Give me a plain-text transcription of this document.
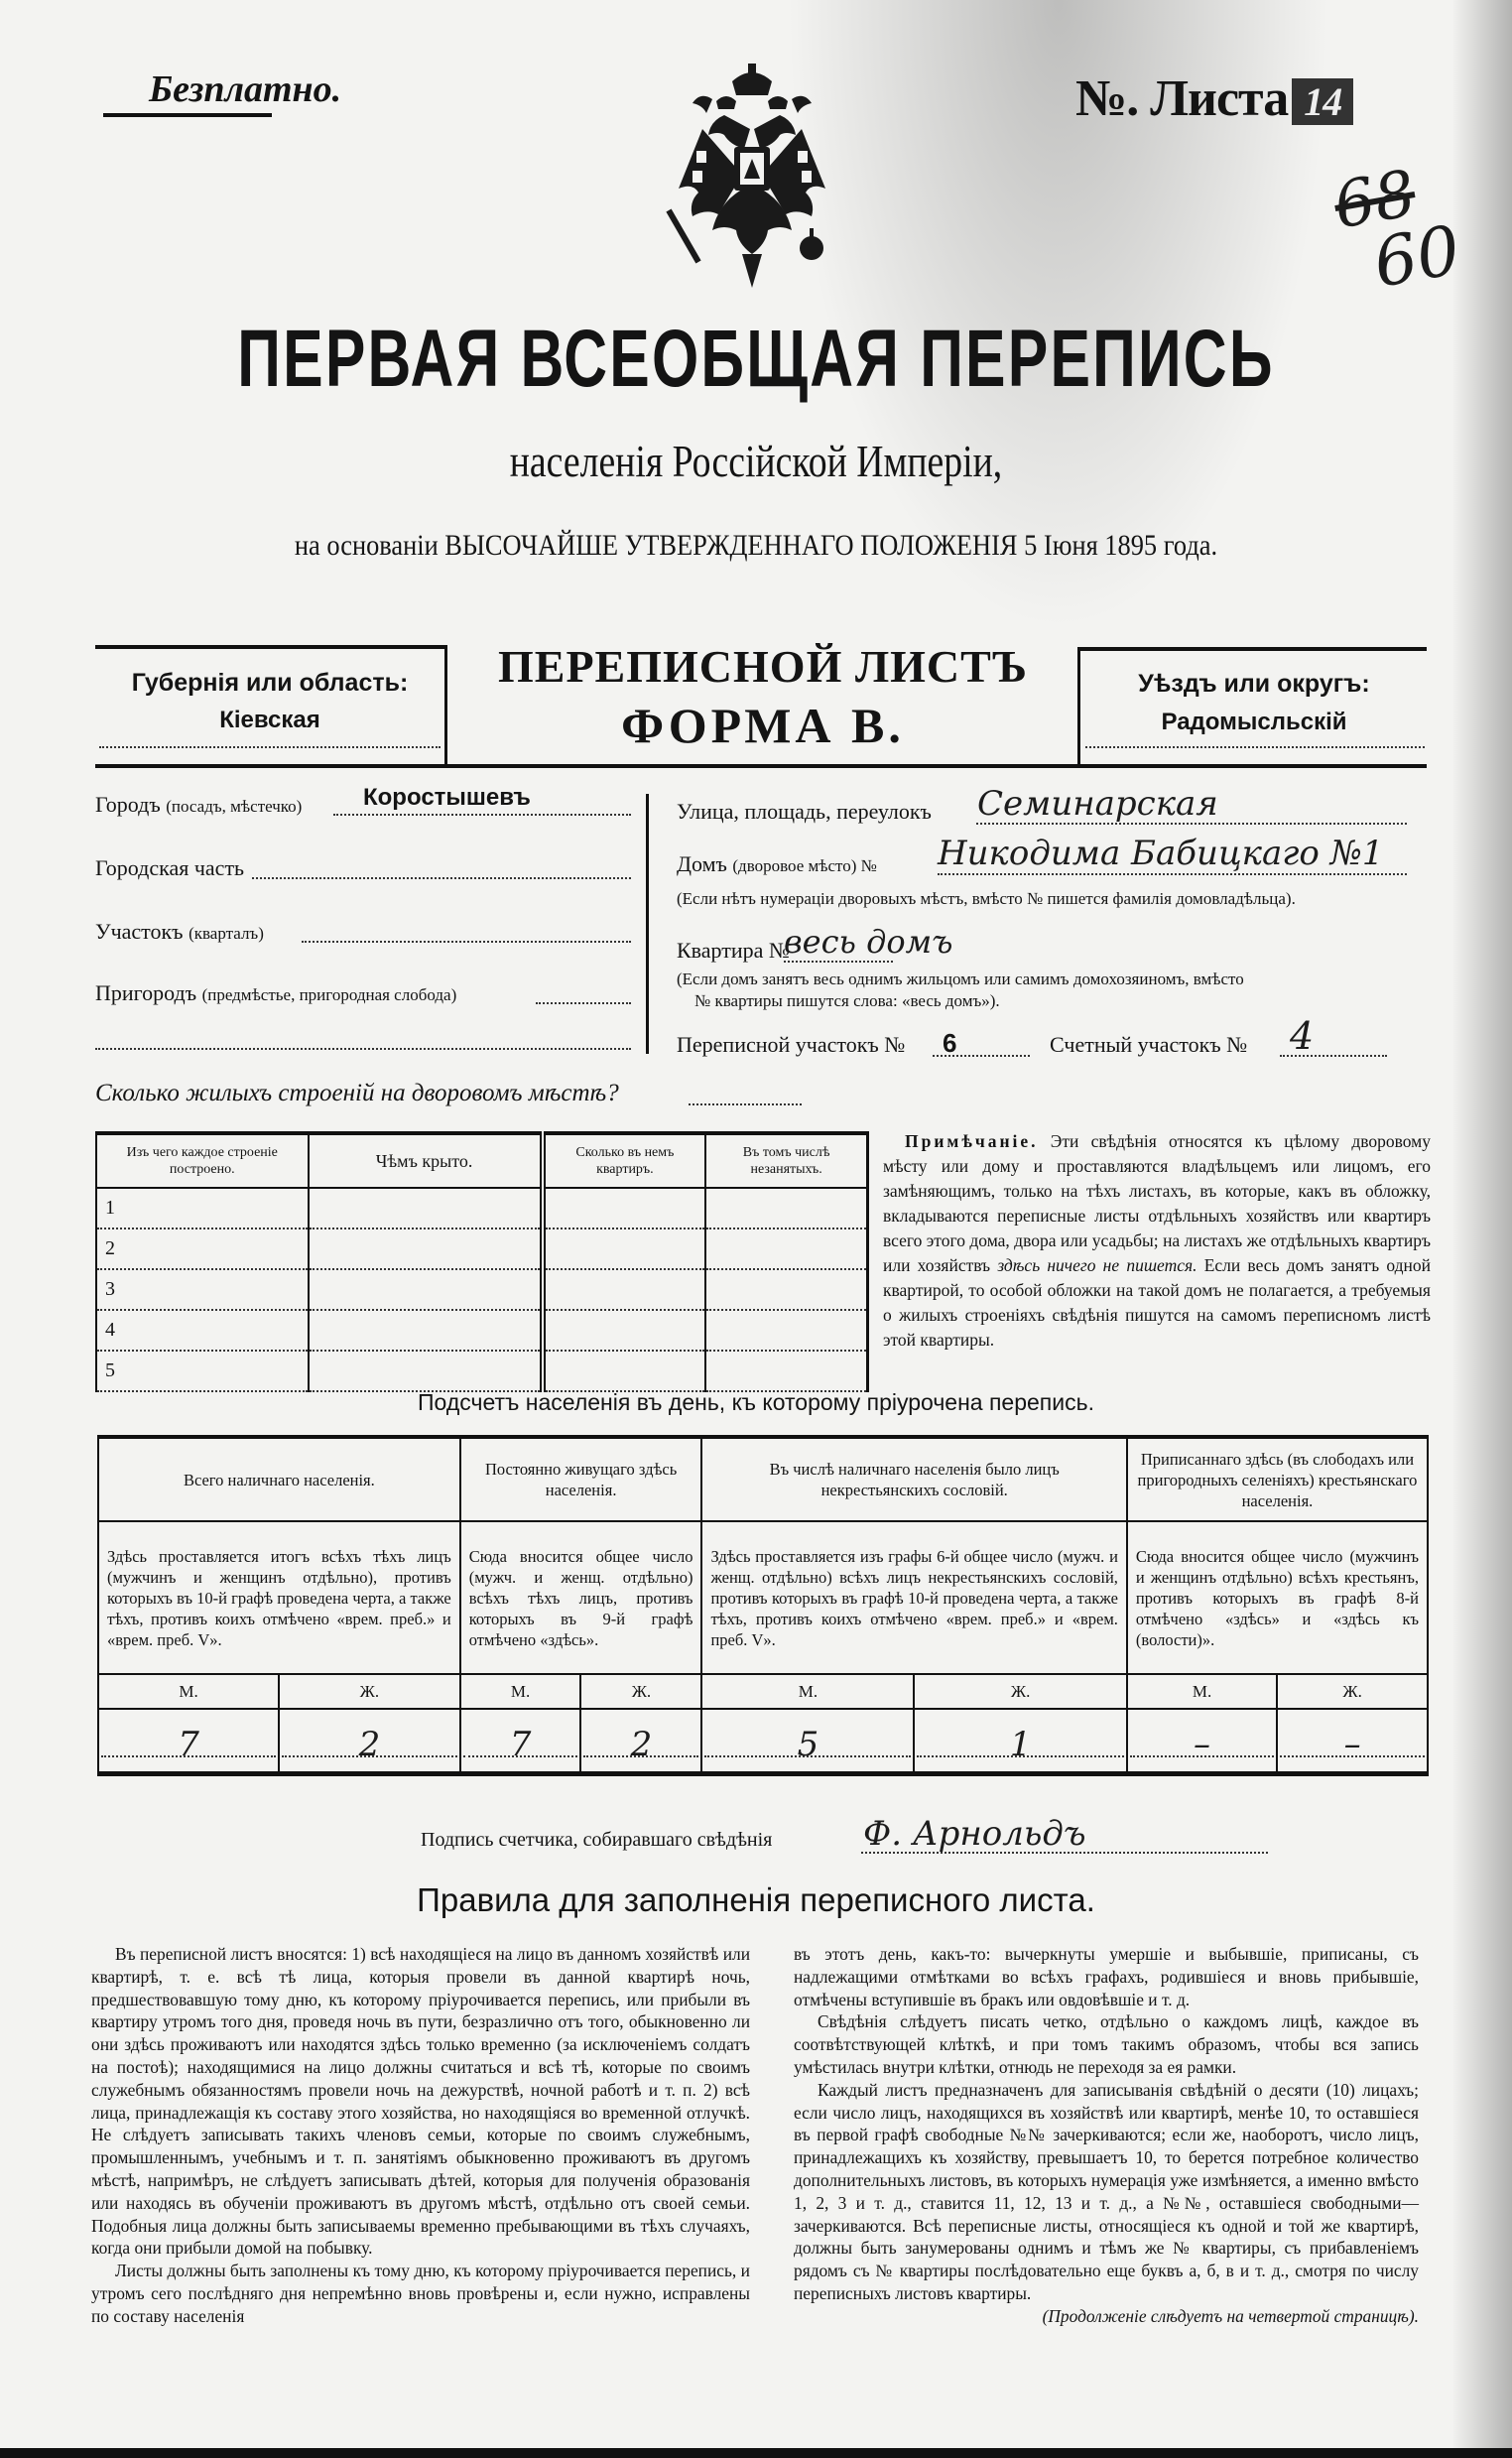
Безплатно.	№. Листа 14
68
60
ПЕРВАЯ ВСЕОБЩАЯ ПЕРЕПИСЬ
населенія Россійской Имперіи,
на основаніи ВЫСОЧАЙШЕ УТВЕРЖДЕННАГО ПОЛОЖЕНІЯ 5 Іюня 1895 года.
Губернія или область:
Кіевская
ПЕРЕПИСНОЙ ЛИСТЪ
ФОРМА В.
Уѣздъ или округъ:
Радомысльскій
Городъ (посадъ, мѣстечко)	Коростышевъ
Городская часть
Участокъ (кварталъ)
Пригородъ (предмѣстье, пригородная слобода)
Улица, площадь, переулокъ Семинарская
Домъ (дворовое мѣсто) № Никодима Бабицкаго №1
(Если нѣтъ нумераціи дворовыхъ мѣстъ, вмѣсто № пишется фамилія домовладѣльца).
Квартира №
весь домъ
(Если домъ занятъ весь однимъ жильцомъ или самимъ домохозяиномъ, вмѣсто
№ квартиры пишутся слова: «весь домъ»).
Переписной участокъ № 6	Счетный участокъ № 4
Сколько жилыхъ строеній на дворовомъ мѣстѣ?
Изъ чего каждое строеніе построено.	Чѣмъ крыто.	Сколько въ немъ квартиръ.	Въ томъ числѣ незанятыхъ.
1			
2			
3			
4			
5			
Примѣчаніе. Эти свѣдѣнія относятся къ цѣлому дворовому мѣсту или дому и проставляются владѣльцемъ или лицомъ, его замѣняющимъ, только на тѣхъ листахъ, въ которые, какъ въ обложку, вкладываются переписные листы отдѣльныхъ хозяйствъ или квартиръ всего этого дома, двора или усадьбы; на листахъ же отдѣльныхъ квартиръ или хозяйствъ здѣсь ничего не пишется. Если весь домъ занятъ одной квартирой, то особой обложки на такой домъ не полагается, а требуемыя о жилыхъ строеніяхъ свѣдѣнія пишутся на самомъ переписномъ листѣ этой квартиры.
Подсчетъ населенія въ день, къ которому пріурочена перепись.
Всего наличнаго населенія.		Постоянно живущаго здѣсь населенія.		Въ числѣ наличнаго населенія было лицъ некрестьянскихъ сословій.		Приписаннаго здѣсь (въ слободахъ или пригородныхъ селеніяхъ) крестьянскаго населенія.	
Здѣсь проставляется итогъ всѣхъ тѣхъ лицъ (мужчинъ и женщинъ отдѣльно), противъ которыхъ въ 10-й графѣ проведена черта, а также тѣхъ, противъ коихъ отмѣчено «врем. преб.» и «врем. преб. V».		Сюда вносится общее число (мужч. и женщ. отдѣльно) всѣхъ тѣхъ лицъ, противъ которыхъ въ 9-й графѣ отмѣчено «здѣсь».		Здѣсь проставляется изъ графы 6-й общее число (мужч. и женщ. отдѣльно) всѣхъ лицъ некрестьянскихъ сословій, противъ которыхъ въ графѣ 10-й проведена черта, а также тѣхъ, противъ коихъ отмѣчено «врем. преб.» и «врем. преб. V».		Сюда вносится общее число (мужчинъ и женщинъ отдѣльно) всѣхъ крестьянъ, противъ которыхъ въ графѣ 8-й отмѣчено «здѣсь» и «здѣсь къ (волости)».	
М.	Ж.	М.	Ж.	М.	Ж.	М.	Ж.

7	2	7	2	5	1	–	–
Подпись счетчика, собиравшаго свѣдѣнія	Ф. Арнольдъ
Правила для заполненія переписного листа.

Въ переписной листъ вносятся: 1) всѣ находящіеся на лицо въ данномъ хозяйствѣ или квартирѣ, т. е. всѣ тѣ лица, которыя провели въ данной квартирѣ ночь, предшествовавшую тому дню, къ которому пріурочивается перепись, или прибыли въ квартиру утромъ того дня, проведя ночь въ пути, безразлично отъ того, обыкновенно ли они здѣсь проживаютъ или находятся здѣсь только временно (за исключеніемъ солдатъ на постоѣ); находящимися на лицо должны считаться и всѣ тѣ, которые по своимъ служебнымъ обязанностямъ провели ночь на дежурствѣ, ночной работѣ и т. п. 2) всѣ лица, принадлежащія къ составу этого хозяйства, но находящіяся во временной отлучкѣ. Не слѣдуетъ записывать такихъ членовъ семьи, которые по своимъ служебнымъ, промышленнымъ, учебнымъ и т. п. занятіямъ обыкновенно проживаютъ въ другомъ мѣстѣ, напримѣръ, не слѣдуетъ записывать дѣтей, которыя для полученія образованія или находясь въ обученіи проживаютъ въ другомъ мѣстѣ, отдѣльно отъ своей семьи. Подобныя лица должны быть записываемы временно пребывающими въ тѣхъ случаяхъ, когда они прибыли домой на побывку.

Листы должны быть заполнены къ тому дню, къ которому пріурочивается перепись, и утромъ сего послѣдняго дня непремѣнно вновь провѣрены и, если нужно, исправлены по составу населенія

въ этотъ день, какъ-то: вычеркнуты умершіе и выбывшіе, приписаны, съ надлежащими отмѣтками во всѣхъ графахъ, родившіеся и вновь прибывшіе, отмѣчены вступившіе въ бракъ или овдовѣвшіе и т. д.

Свѣдѣнія слѣдуетъ писать четко, отдѣльно о каждомъ лицѣ, каждое въ соотвѣтствующей клѣткѣ, и при томъ такимъ образомъ, чтобы вся запись умѣстилась внутри клѣтки, отнюдь не переходя за ея рамки.

Каждый листъ предназначенъ для записыванія свѣдѣній о десяти (10) лицахъ; если число лицъ, находящихся въ хозяйствѣ или квартирѣ, менѣе 10, то оставшіеся въ первой графѣ свободные №№ зачеркиваются; если же, наоборотъ, число лицъ, принадлежащихъ къ хозяйству, превышаетъ 10, то берется потребное количество дополнительныхъ листовъ, въ которыхъ нумерація уже измѣняется, а именно вмѣсто 1, 2, 3 и т. д., ставится 11, 12, 13 и т. д., а №№, оставшіеся свободными—зачеркиваются. Всѣ переписные листы, относящіеся къ одной и той же квартирѣ, должны быть занумерованы однимъ и тѣмъ же № квартиры, съ прибавленіемъ рядомъ съ № квартиры послѣдовательно еще буквъ а, б, в и т. д., смотря по числу переписныхъ листовъ квартиры.

(Продолженіе слѣдуетъ на четвертой страницѣ).
